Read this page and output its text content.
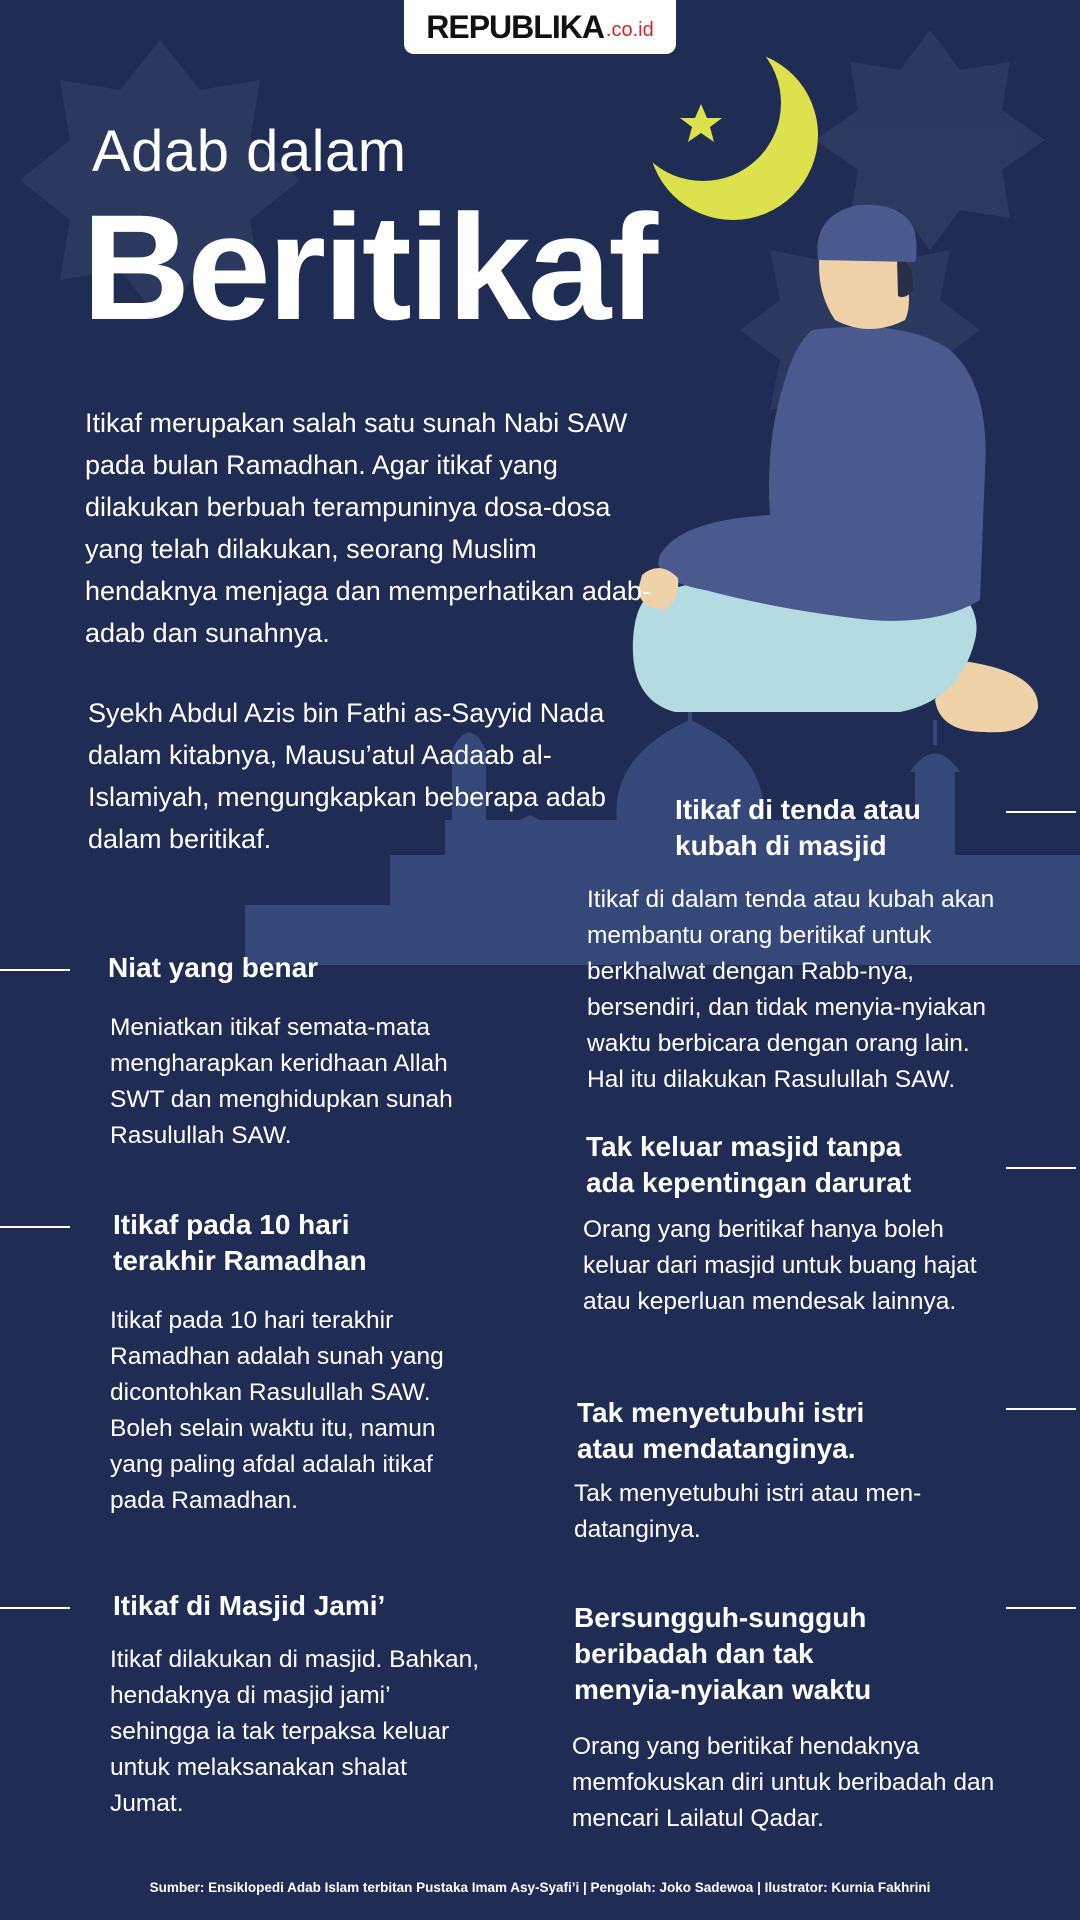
REPUBLIKA .co.id
Adab dalam
Beritikaf
Itikaf merupakan salah satu sunah Nabi SAW pada bulan Ramadhan. Agar itikaf yang dilakukan berbuah terampuninya dosa-dosa yang telah dilakukan, seorang Muslim hendaknya menjaga dan memperhatikan adab-adab dan sunahnya.
Syekh Abdul Azis bin Fathi as-Sayyid Nada dalam kitabnya, Mausu’atul Aadaab al-Islamiyah, mengungkapkan beberapa adab dalam beritikaf.
Itikaf di tenda atau kubah di masjid
Itikaf di dalam tenda atau kubah akan membantu orang beritikaf untuk berkhalwat dengan Rabb-nya, bersendiri, dan tidak menyia-nyiakan waktu berbicara dengan orang lain. Hal itu dilakukan Rasulullah SAW.
Niat yang benar
Meniatkan itikaf semata-mata mengharapkan keridhaan Allah SWT dan menghidupkan sunah Rasulullah SAW.	Tak keluar masjid tanpa ada kepentingan darurat
Orang yang beritikaf hanya boleh keluar dari masjid untuk buang hajat atau keperluan mendesak lainnya.
Itikaf pada 10 hari terakhir Ramadhan
Itikaf pada 10 hari terakhir Ramadhan adalah sunah yang dicontohkan Rasulullah SAW. Boleh selain waktu itu, namun yang paling afdal adalah itikaf pada Ramadhan.
Tak menyetubuhi istri atau mendatanginya.
Tak menyetubuhi istri atau men-datanginya.
Itikaf di Masjid Jami’
Itikaf dilakukan di masjid. Bahkan, hendaknya di masjid jami’ sehingga ia tak terpaksa keluar untuk melaksanakan shalat Jumat.
Bersungguh-sungguh beribadah dan tak menyia-nyiakan waktu
Orang yang beritikaf hendaknya memfokuskan diri untuk beribadah dan mencari Lailatul Qadar.
Sumber: Ensiklopedi Adab Islam terbitan Pustaka Imam Asy-Syafi’i | Pengolah: Joko Sadewoa | Ilustrator: Kurnia Fakhrini
